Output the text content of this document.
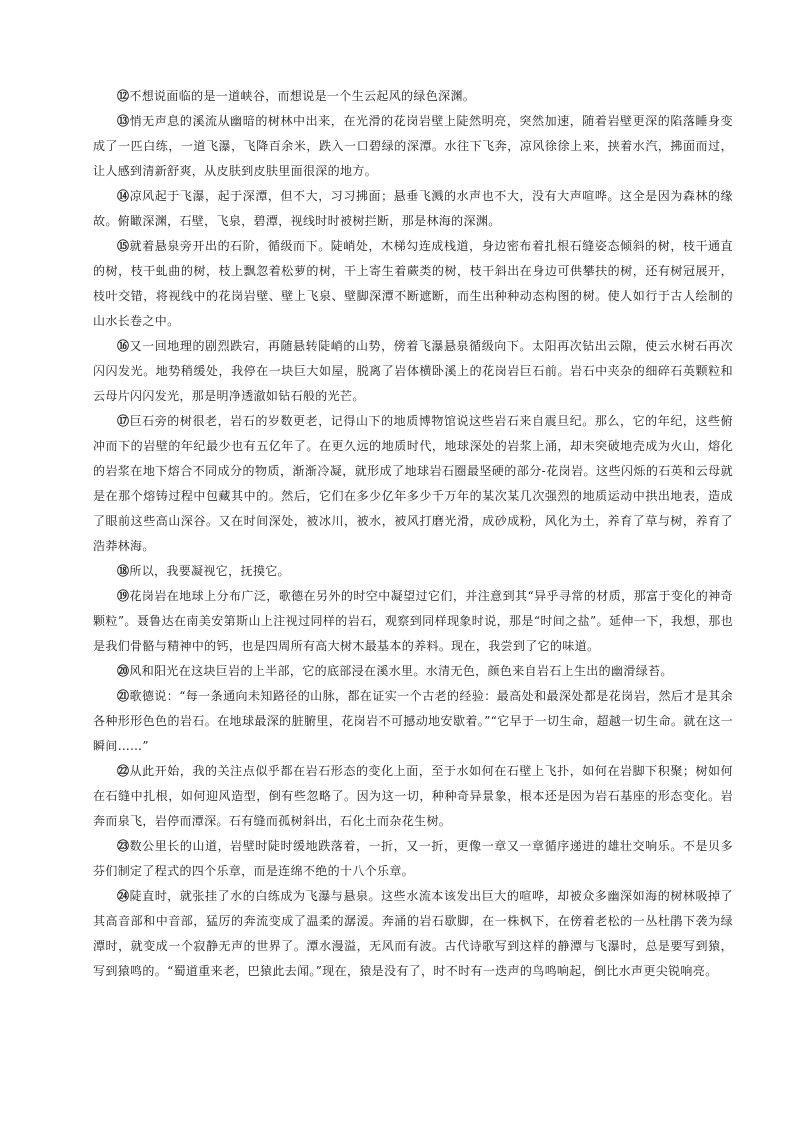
⑫不想说面临的是一道峡谷，而想说是一个生云起风的绿色深渊。

⑬悄无声息的溪流从幽暗的树林中出来，在光滑的花岗岩壁上陡然明亮，突然加速，随着岩壁更深的陷落睡身变成了一匹白练，一道飞瀑，飞降百余米，跌入一口碧绿的深潭。水往下飞奔，凉风徐徐上来，挟着水汽，拂面而过，让人感到清新舒爽，从皮肤到皮肤里面很深的地方。

⑭凉风起于飞瀑，起于深潭，但不大，习习拂面；悬垂飞溅的水声也不大，没有大声喧哗。这全是因为森林的缘故。俯瞰深渊，石壁，飞泉，碧潭，视线时时被树拦断，那是林海的深渊。

⑮就着悬泉旁开出的石阶，循级而下。陡峭处，木梯勾连成栈道，身边密布着扎根石缝姿态倾斜的树，枝干通直的树，枝干虬曲的树，枝上飘忽着松萝的树，干上寄生着蕨类的树，枝干斜出在身边可供攀扶的树，还有树冠展开，枝叶交错，将视线中的花岗岩壁、壁上飞泉、壁脚深潭不断遮断，而生出种种动态构图的树。使人如行于古人绘制的山水长卷之中。

⑯又一回地理的剧烈跌宕，再随悬转陡峭的山势，傍着飞瀑悬泉循级向下。太阳再次钻出云隙，使云水树石再次闪闪发光。地势稍缓处，我停在一块巨大如屋，脱离了岩体横卧溪上的花岗岩巨石前。岩石中夹杂的细碎石英颗粒和云母片闪闪发光，那是明净透澈如钻石般的光芒。

⑰巨石旁的树很老，岩石的岁数更老，记得山下的地质博物馆说这些岩石来自震旦纪。那么，它的年纪，这些俯冲而下的岩壁的年纪最少也有五亿年了。在更久远的地质时代，地球深处的岩浆上涌，却未突破地壳成为火山，熔化的岩浆在地下熔合不同成分的物质，渐渐冷凝，就形成了地球岩石圈最坚硬的部分-花岗岩。这些闪烁的石英和云母就是在那个熔铸过程中包藏其中的。然后，它们在多少亿年多少千万年的某次某几次强烈的地质运动中拱出地表，造成了眼前这些高山深谷。又在时间深处，被冰川，被水，被风打磨光滑，成砂成粉，风化为土，养育了草与树，养育了浩莽林海。

⑱所以，我要凝视它，抚摸它。

⑲花岗岩在地球上分布广泛，歌德在另外的时空中凝望过它们，并注意到其“异乎寻常的材质，那富于变化的神奇颗粒”。聂鲁达在南美安第斯山上注视过同样的岩石，观察到同样现象时说，那是“时间之盐”。延伸一下，我想，那也是我们骨骼与精神中的钙，也是四周所有高大树木最基本的养料。现在，我尝到了它的味道。

⑳风和阳光在这块巨岩的上半部，它的底部浸在溪水里。水清无色，颜色来自岩石上生出的幽滑绿苔。

㉑歌德说：“每一条通向未知路径的山脉，都在证实一个古老的经验：最高处和最深处都是花岗岩，然后才是其余各种形形色色的岩石。在地球最深的脏腑里，花岗岩不可撼动地安歇着。”“它早于一切生命，超越一切生命。就在这一瞬间……”

㉒从此开始，我的关注点似乎都在岩石形态的变化上面，至于水如何在石壁上飞扑，如何在岩脚下积聚；树如何在石缝中扎根，如何迎风造型，倒有些忽略了。因为这一切，种种奇异景象，根本还是因为岩石基座的形态变化。岩奔而泉飞，岩停而潭深。石有缝而孤树斜出，石化土而杂花生树。

㉓数公里长的山道，岩壁时陡时缓地跌落着，一折，又一折，更像一章又一章循序递进的雄壮交响乐。不是贝多芬们制定了程式的四个乐章，而是连绵不绝的十八个乐章。

㉔陡直时，就张挂了水的白练成为飞瀑与悬泉。这些水流本该发出巨大的喧哗，却被众多幽深如海的树林吸掉了其高音部和中音部，猛厉的奔流变成了温柔的潺湲。奔涌的岩石歇脚，在一株枫下，在傍着老松的一丛杜鹃下袭为绿潭时，就变成一个寂静无声的世界了。潭水漫溢，无风而有波。古代诗歌写到这样的静潭与飞瀑时，总是要写到猿，写到猿鸣的。“蜀道重来老，巴猿此去闻。”现在，猿是没有了，时不时有一迭声的鸟鸣响起，倒比水声更尖锐响亮。
